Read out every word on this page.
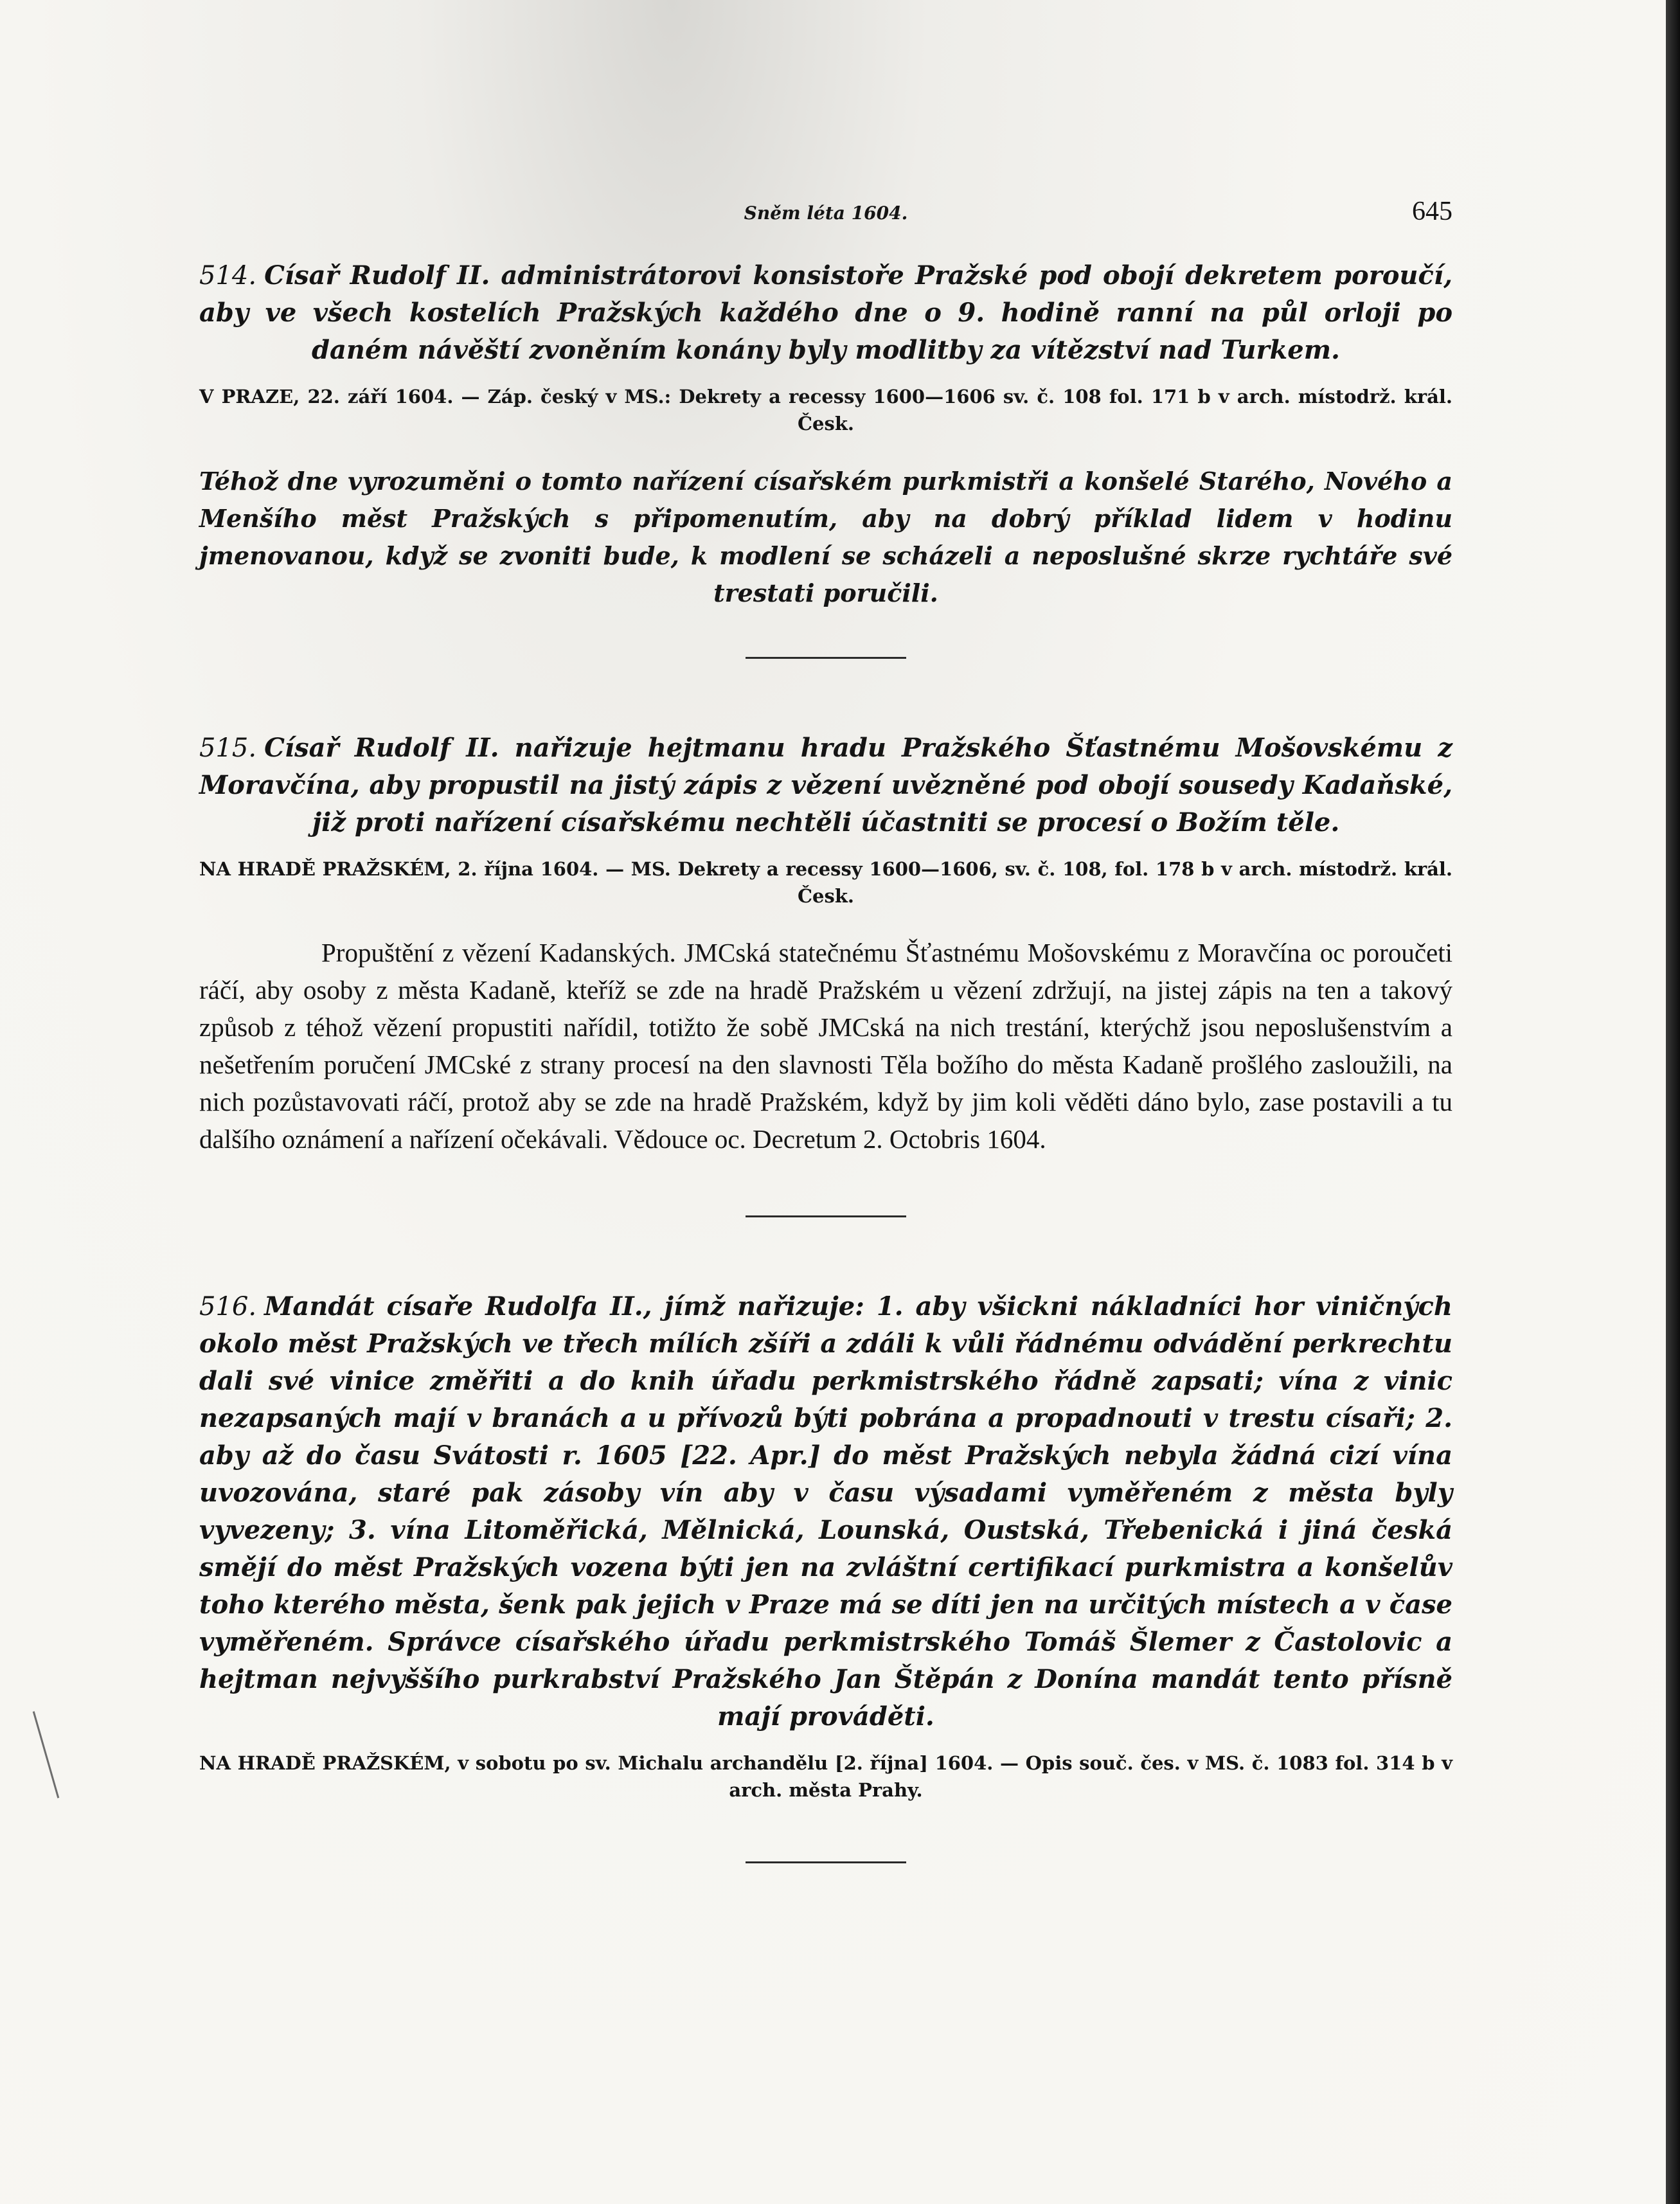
Sněm léta 1604.	645

514. Císař Rudolf II. administrátorovi konsistoře Pražské pod obojí dekretem poroučí, aby ve všech kostelích Pražských každého dne o 9. hodině ranní na půl orloji po daném návěští zvoněním konány byly modlitby za vítězství nad Turkem.

V PRAZE, 22. září 1604. — Záp. český v MS.: Dekrety a recessy 1600—1606 sv. č. 108 fol. 171 b v arch. místodrž. král. Česk.

Téhož dne vyrozuměni o tomto nařízení císařském purkmistři a konšelé Starého, Nového a Menšího měst Pražských s připomenutím, aby na dobrý příklad lidem v hodinu jmenovanou, když se zvoniti bude, k modlení se scházeli a neposlušné skrze rychtáře své trestati poručili.

515. Císař Rudolf II. nařizuje hejtmanu hradu Pražského Šťastnému Mošovskému z Moravčína, aby propustil na jistý zápis z vězení uvězněné pod obojí sousedy Kadaňské, již proti nařízení císařskému nechtěli účastniti se procesí o Božím těle.

NA HRADĚ PRAŽSKÉM, 2. října 1604. — MS. Dekrety a recessy 1600—1606, sv. č. 108, fol. 178 b v arch. místodrž. král. Česk.

Propuštění z vězení Kadanských. JMCská statečnému Šťastnému Mošovskému z Moravčína oc poroučeti ráčí, aby osoby z města Kadaně, kteříž se zde na hradě Pražském u vězení zdržují, na jistej zápis na ten a takový způsob z téhož vězení propustiti nařídil, totižto že sobě JMCská na nich trestání, kterýchž jsou neposlušenstvím a nešetřením poručení JMCské z strany procesí na den slavnosti Těla božího do města Kadaně prošlého zasloužili, na nich pozůstavovati ráčí, protož aby se zde na hradě Pražském, když by jim koli věděti dáno bylo, zase postavili a tu dalšího oznámení a nařízení očekávali. Vědouce oc. Decretum 2. Octobris 1604.

516. Mandát císaře Rudolfa II., jímž nařizuje: 1. aby všickni nákladníci hor viničných okolo měst Pražských ve třech mílích zšíři a zdáli k vůli řádnému odvádění perkrechtu dali své vinice změřiti a do knih úřadu perkmistrského řádně zapsati; vína z vinic nezapsaných mají v branách a u přívozů býti pobrána a propadnouti v trestu císaři; 2. aby až do času Svátosti r. 1605 [22. Apr.] do měst Pražských nebyla žádná cizí vína uvozována, staré pak zásoby vín aby v času výsadami vyměřeném z města byly vyvezeny; 3. vína Litoměřická, Mělnická, Lounská, Oustská, Třebenická i jiná česká smějí do měst Pražských vozena býti jen na zvláštní certifikací purkmistra a konšelův toho kterého města, šenk pak jejich v Praze má se díti jen na určitých místech a v čase vyměřeném. Správce císařského úřadu perkmistrského Tomáš Šlemer z Častolovic a hejtman nejvyššího purkrabství Pražského Jan Štěpán z Donína mandát tento přísně mají prováděti.

NA HRADĚ PRAŽSKÉM, v sobotu po sv. Michalu archandělu [2. října] 1604. — Opis souč. čes. v MS. č. 1083 fol. 314 b v arch. města Prahy.
